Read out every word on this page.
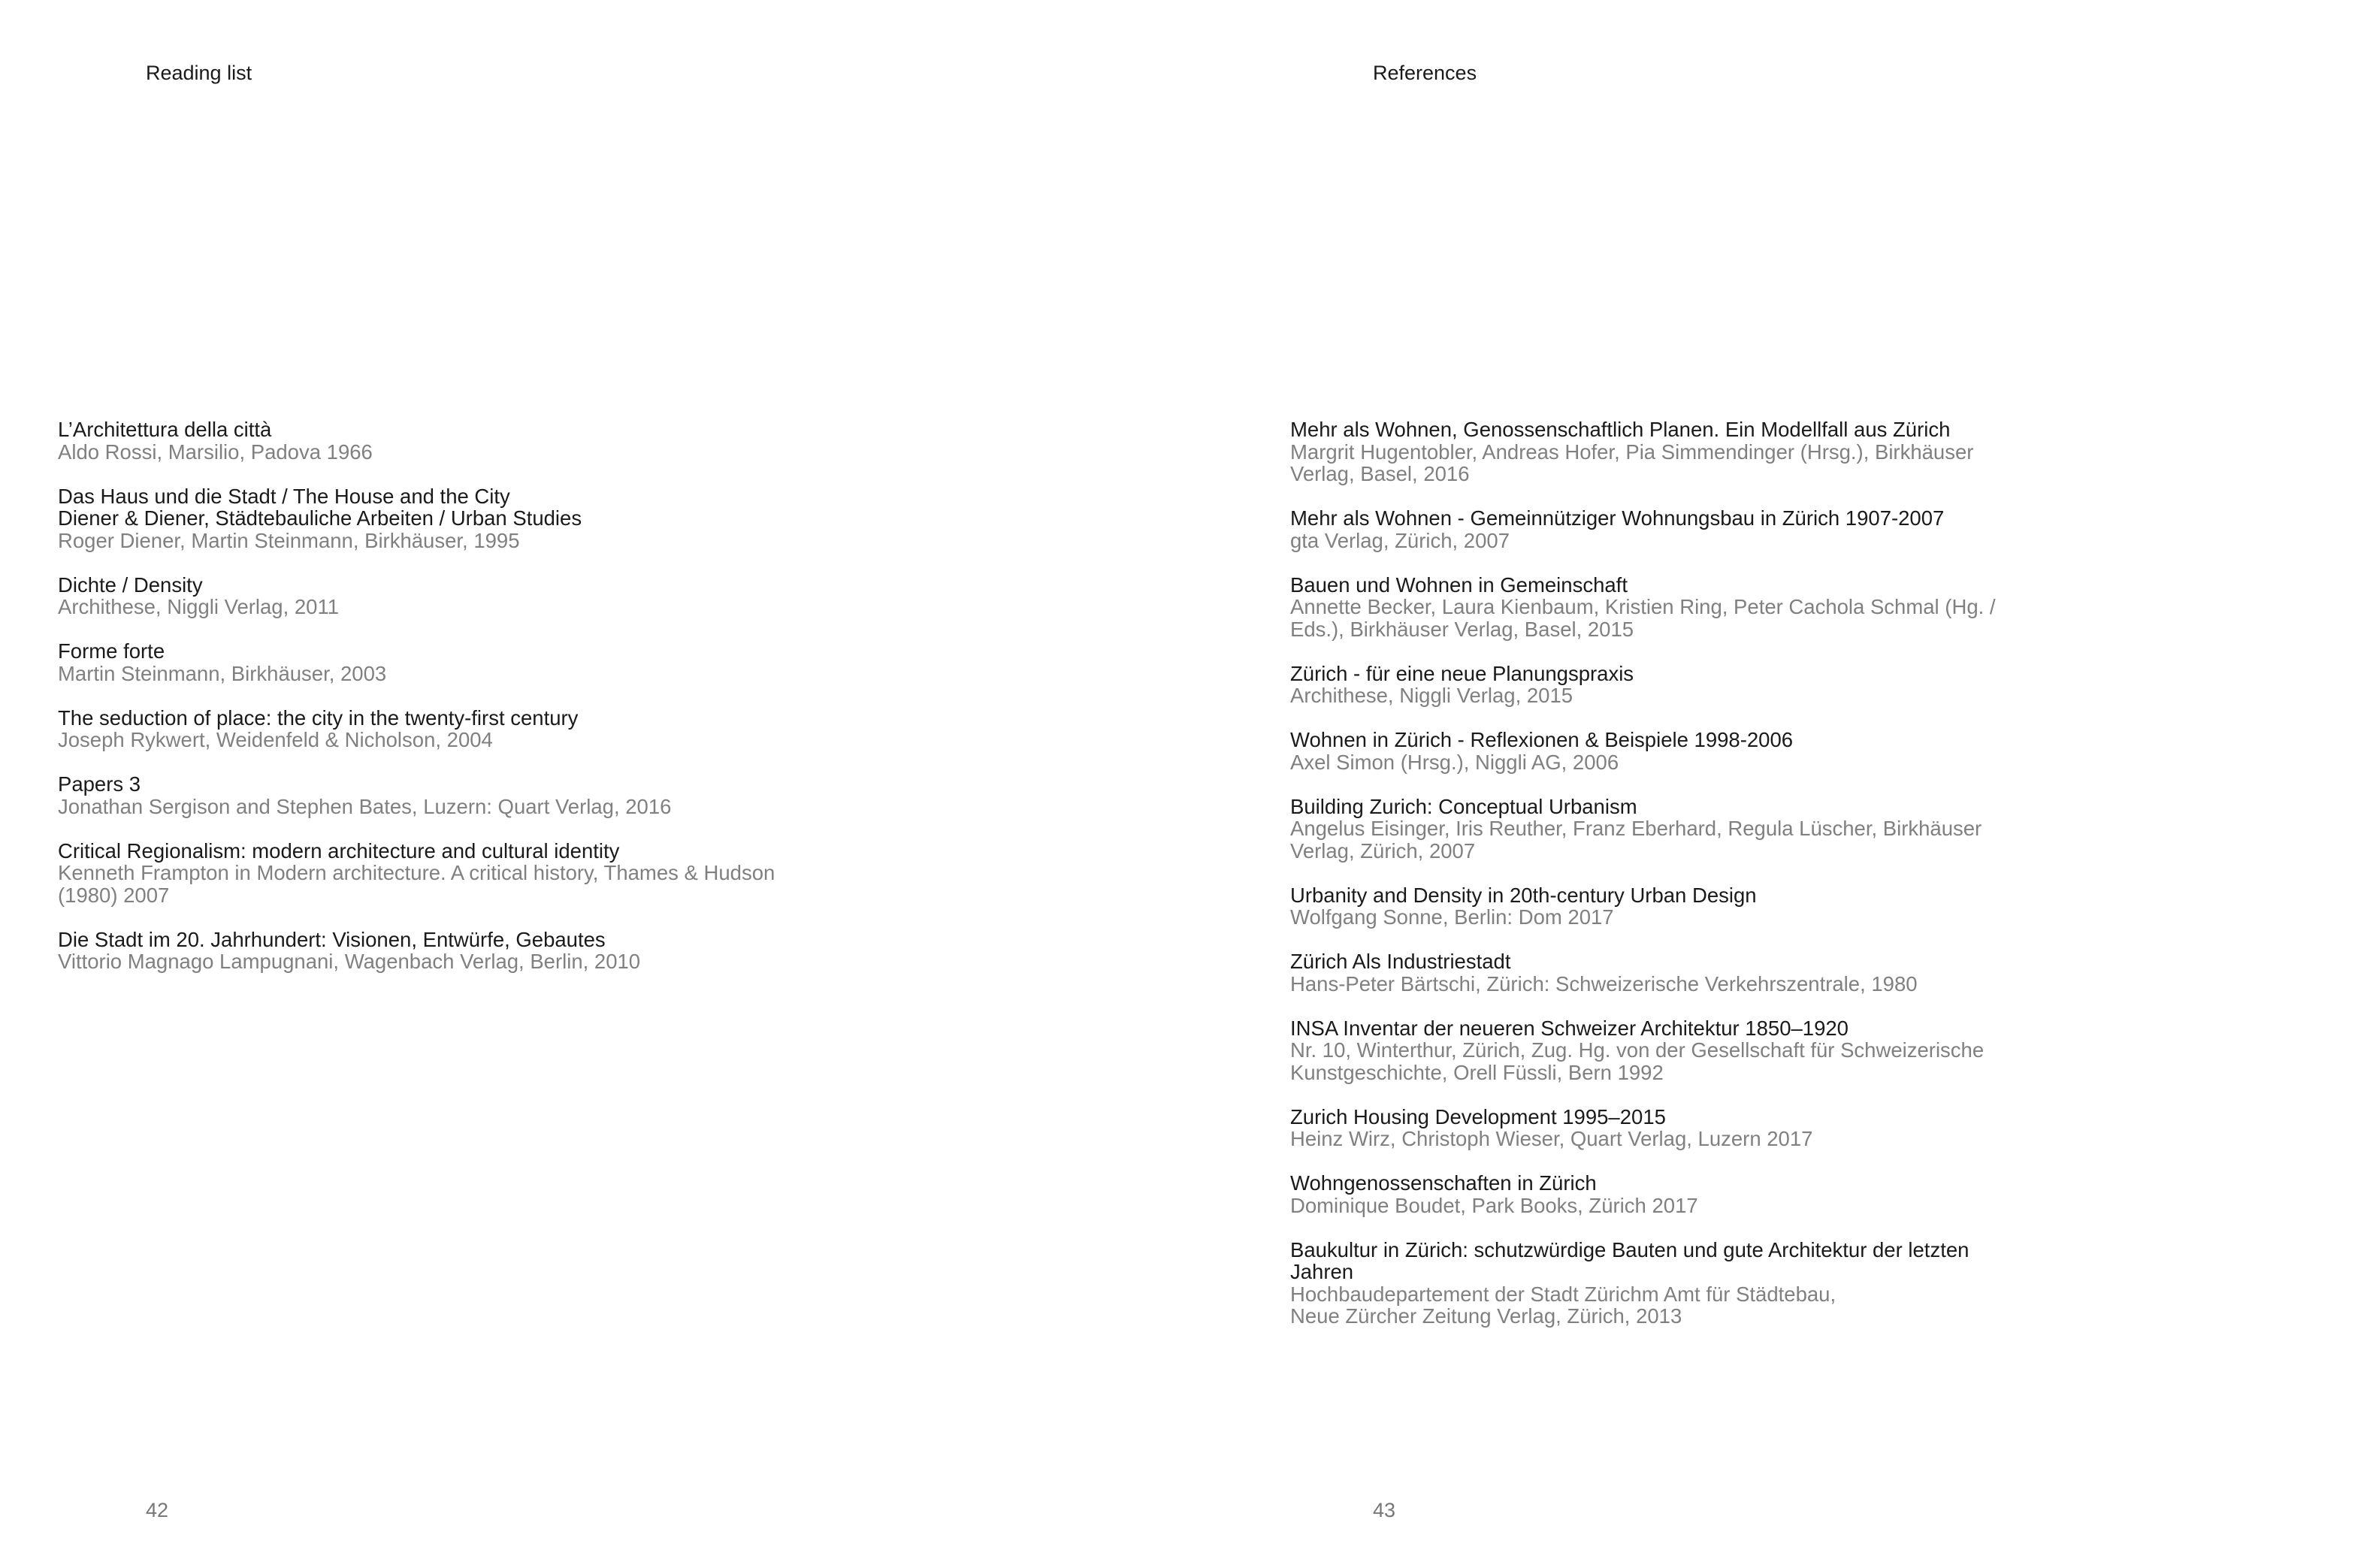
Reading list
L’Architettura della città
Aldo Rossi, Marsilio, Padova 1966
Das Haus und die Stadt / The House and the City
Diener & Diener, Städtebauliche Arbeiten / Urban Studies
Roger Diener, Martin Steinmann, Birkhäuser, 1995
Dichte / Density
Archithese, Niggli Verlag, 2011
Forme forte
Martin Steinmann, Birkhäuser, 2003
The seduction of place: the city in the twenty-first century
Joseph Rykwert, Weidenfeld & Nicholson, 2004
Papers 3
Jonathan Sergison and Stephen Bates, Luzern: Quart Verlag, 2016
Critical Regionalism: modern architecture and cultural identity
Kenneth Frampton in Modern architecture. A critical history, Thames & Hudson
(1980) 2007
Die Stadt im 20. Jahrhundert: Visionen, Entwürfe, Gebautes
Vittorio Magnago Lampugnani, Wagenbach Verlag, Berlin, 2010

42

References
Mehr als Wohnen, Genossenschaftlich Planen. Ein Modellfall aus Zürich
Margrit Hugentobler, Andreas Hofer, Pia Simmendinger (Hrsg.), Birkhäuser
Verlag, Basel, 2016
Mehr als Wohnen - Gemeinnütziger Wohnungsbau in Zürich 1907-2007
gta Verlag, Zürich, 2007
Bauen und Wohnen in Gemeinschaft
Annette Becker, Laura Kienbaum, Kristien Ring, Peter Cachola Schmal (Hg. /
Eds.), Birkhäuser Verlag, Basel, 2015
Zürich - für eine neue Planungspraxis
Archithese, Niggli Verlag, 2015
Wohnen in Zürich - Reflexionen & Beispiele 1998-2006
Axel Simon (Hrsg.), Niggli AG, 2006
Building Zurich: Conceptual Urbanism
Angelus Eisinger, Iris Reuther, Franz Eberhard, Regula Lüscher, Birkhäuser
Verlag, Zürich, 2007
Urbanity and Density in 20th-century Urban Design
Wolfgang Sonne, Berlin: Dom 2017
Zürich Als Industriestadt
Hans-Peter Bärtschi, Zürich: Schweizerische Verkehrszentrale, 1980
INSA Inventar der neueren Schweizer Architektur 1850–1920
Nr. 10, Winterthur, Zürich, Zug. Hg. von der Gesellschaft für Schweizerische
Kunstgeschichte, Orell Füssli, Bern 1992
Zurich Housing Development 1995–2015
Heinz Wirz, Christoph Wieser, Quart Verlag, Luzern 2017
Wohngenossenschaften in Zürich
Dominique Boudet, Park Books, Zürich 2017
Baukultur in Zürich: schutzwürdige Bauten und gute Architektur der letzten
Jahren
Hochbaudepartement der Stadt Zürichm Amt für Städtebau,
Neue Zürcher Zeitung Verlag, Zürich, 2013

43
